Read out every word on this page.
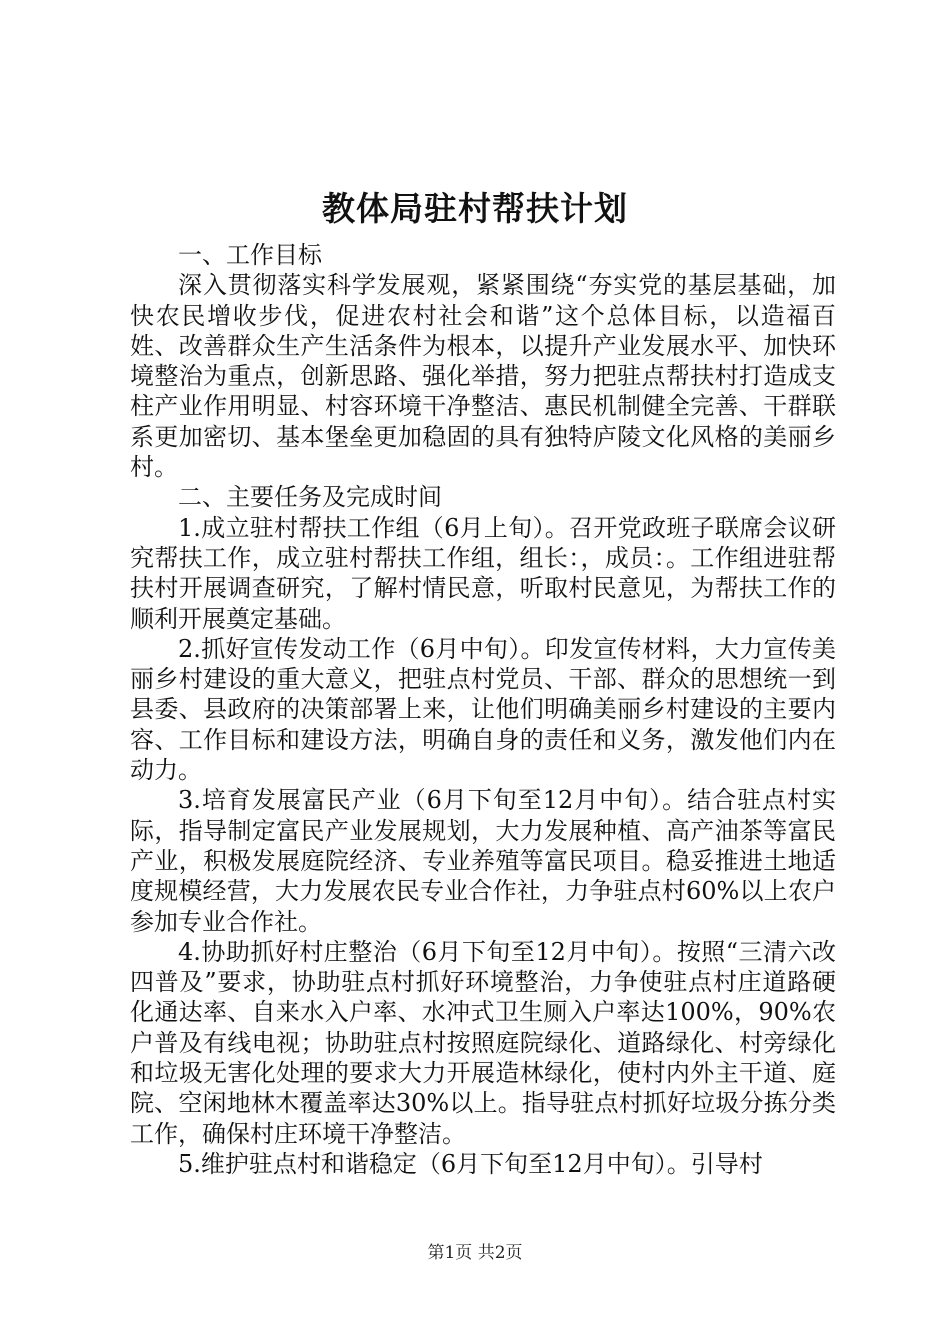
教体局驻村帮扶计划

一、工作目标

深入贯彻落实科学发展观，紧紧围绕“夯实党的基层基础，加快农民增收步伐，促进农村社会和谐”这个总体目标，以造福百姓、改善群众生产生活条件为根本，以提升产业发展水平、加快环境整治为重点，创新思路、强化举措，努力把驻点帮扶村打造成支柱产业作用明显、村容环境干净整洁、惠民机制健全完善、干群联系更加密切、基本堡垒更加稳固的具有独特庐陵文化风格的美丽乡村。

二、主要任务及完成时间

1.成立驻村帮扶工作组（6月上旬）。召开党政班子联席会议研究帮扶工作，成立驻村帮扶工作组，组长：，成员：。工作组进驻帮扶村开展调查研究，了解村情民意，听取村民意见，为帮扶工作的顺利开展奠定基础。

2.抓好宣传发动工作（6月中旬）。印发宣传材料，大力宣传美丽乡村建设的重大意义，把驻点村党员、干部、群众的思想统一到县委、县政府的决策部署上来，让他们明确美丽乡村建设的主要内容、工作目标和建设方法，明确自身的责任和义务，激发他们内在动力。

3.培育发展富民产业（6月下旬至12月中旬）。结合驻点村实际，指导制定富民产业发展规划，大力发展种植、高产油茶等富民产业，积极发展庭院经济、专业养殖等富民项目。稳妥推进土地适度规模经营，大力发展农民专业合作社，力争驻点村60%以上农户参加专业合作社。

4.协助抓好村庄整治（6月下旬至12月中旬）。按照“三清六改四普及”要求，协助驻点村抓好环境整治，力争使驻点村庄道路硬化通达率、自来水入户率、水冲式卫生厕入户率达100%，90%农户普及有线电视；协助驻点村按照庭院绿化、道路绿化、村旁绿化和垃圾无害化处理的要求大力开展造林绿化，使村内外主干道、庭院、空闲地林木覆盖率达30%以上。指导驻点村抓好垃圾分拣分类工作，确保村庄环境干净整洁。

5.维护驻点村和谐稳定（6月下旬至12月中旬）。引导村

第1页 共2页
